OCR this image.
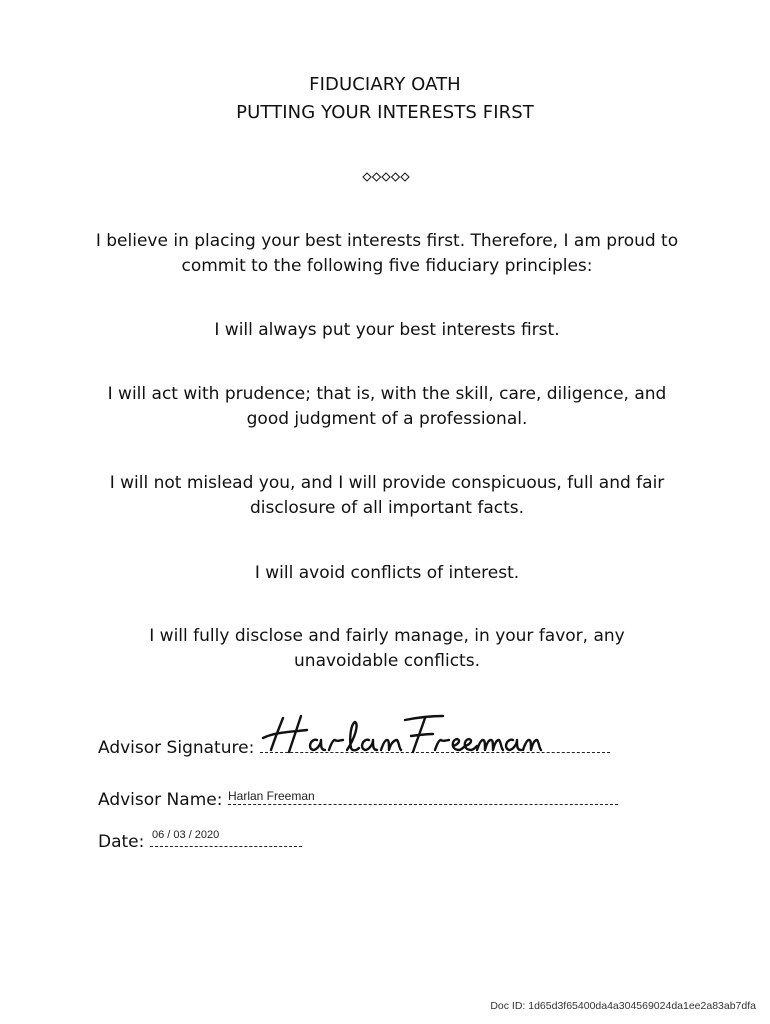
FIDUCIARY OATH
PUTTING YOUR INTERESTS FIRST
I believe in placing your best interests first. Therefore, I am proud to commit to the following five fiduciary principles:
I will always put your best interests first.
I will act with prudence; that is, with the skill, care, diligence, and good judgment of a professional.
I will not mislead you, and I will provide conspicuous, full and fair disclosure of all important facts.
I will avoid conflicts of interest.
I will fully disclose and fairly manage, in your favor, any unavoidable conflicts.
Advisor Signature:
Advisor Name: Harlan Freeman
Date: 06 / 03 / 2020
Doc ID: 1d65d3f65400da4a304569024da1ee2a83ab7dfa
